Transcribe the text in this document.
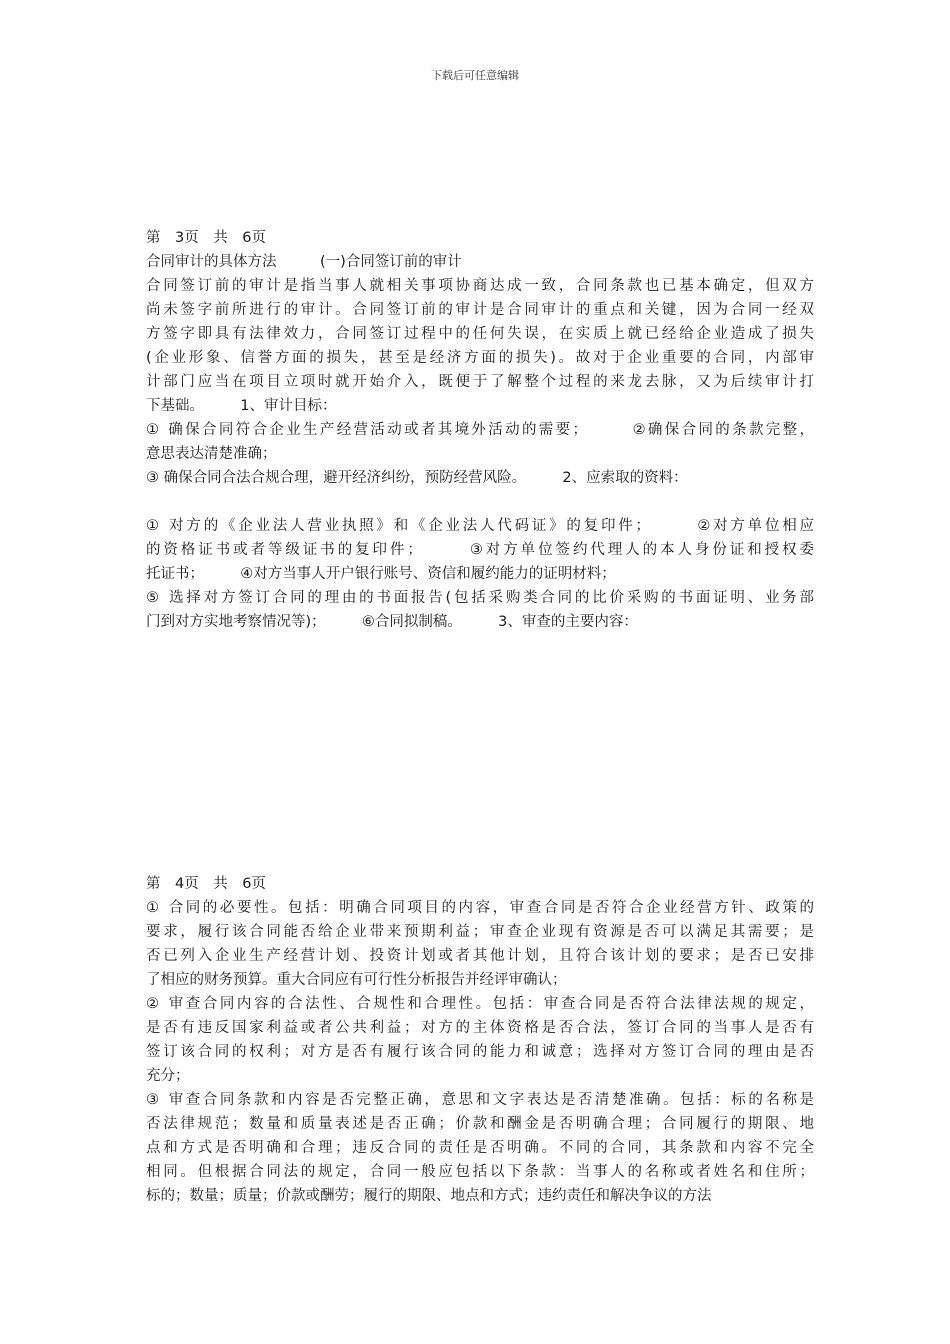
下载后可任意编辑
第　3页　共　6页
合同审计的具体方法　　　(一)合同签订前的审计
合同签订前的审计是指当事人就相关事项协商达成一致，合同条款也已基本确定，但双方
尚未签字前所进行的审计。合同签订前的审计是合同审计的重点和关键，因为合同一经双
方签字即具有法律效力，合同签订过程中的任何失误，在实质上就已经给企业造成了损失
(企业形象、信誉方面的损失，甚至是经济方面的损失)。故对于企业重要的合同，内部审
计部门应当在项目立项时就开始介入，既便于了解整个过程的来龙去脉，又为后续审计打
下基础。　　　1、审计目标：
① 确保合同符合企业生产经营活动或者其境外活动的需要；　　　②确保合同的条款完整，
意思表达清楚准确；
③ 确保合同合法合规合理，避开经济纠纷，预防经营风险。　　　2、应索取的资料：
① 对方的《企业法人营业执照》和《企业法人代码证》的复印件；　　　②对方单位相应
的资格证书或者等级证书的复印件；　　　③对方单位签约代理人的本人身份证和授权委
托证书；　　　④对方当事人开户银行账号、资信和履约能力的证明材料；
⑤ 选择对方签订合同的理由的书面报告(包括采购类合同的比价采购的书面证明、业务部
门到对方实地考察情况等)；　　　⑥合同拟制稿。　　　3、审查的主要内容：
第　4页　共　6页
① 合同的必要性。包括：明确合同项目的内容，审查合同是否符合企业经营方针、政策的
要求，履行该合同能否给企业带来预期利益；审查企业现有资源是否可以满足其需要；是
否已列入企业生产经营计划、投资计划或者其他计划，且符合该计划的要求；是否已安排
了相应的财务预算。重大合同应有可行性分析报告并经评审确认；
② 审查合同内容的合法性、合规性和合理性。包括：审查合同是否符合法律法规的规定，
是否有违反国家利益或者公共利益；对方的主体资格是否合法，签订合同的当事人是否有
签订该合同的权利；对方是否有履行该合同的能力和诚意；选择对方签订合同的理由是否
充分；
③ 审查合同条款和内容是否完整正确，意思和文字表达是否清楚准确。包括：标的名称是
否法律规范；数量和质量表述是否正确；价款和酬金是否明确合理；合同履行的期限、地
点和方式是否明确和合理；违反合同的责任是否明确。不同的合同，其条款和内容不完全
相同。但根据合同法的规定，合同一般应包括以下条款：当事人的名称或者姓名和住所；
标的；数量；质量；价款或酬劳；履行的期限、地点和方式；违约责任和解决争议的方法
